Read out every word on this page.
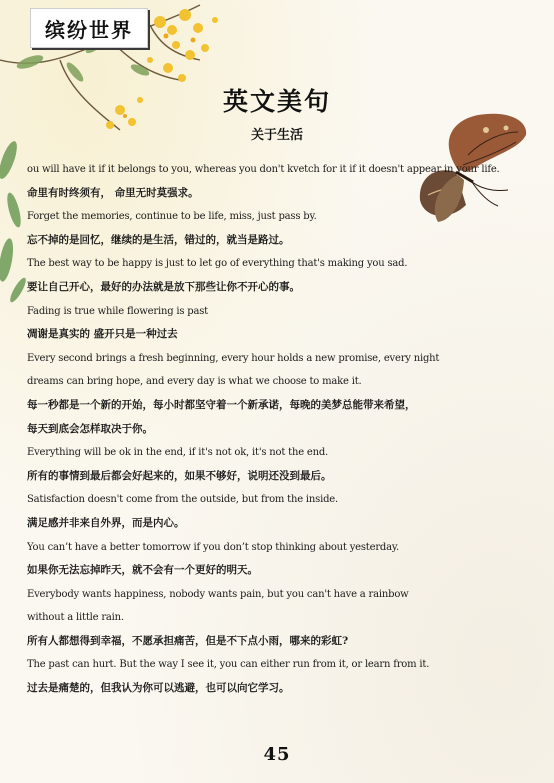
缤纷世界
英文美句
关于生活
ou will have it if it belongs to you, whereas you don't kvetch for it if it doesn't appear in your life.
命里有时终须有， 命里无时莫强求。
Forget the memories, continue to be life, miss, just pass by.
忘不掉的是回忆，继续的是生活，错过的，就当是路过。
The best way to be happy is just to let go of everything that's making you sad.
要让自己开心，最好的办法就是放下那些让你不开心的事。
Fading is true while flowering is past
凋谢是真实的 盛开只是一种过去
Every second brings a fresh beginning, every hour holds a new promise, every night
dreams can bring hope, and every day is what we choose to make it.
每一秒都是一个新的开始，每小时都坚守着一个新承诺，每晚的美梦总能带来希望，
每天到底会怎样取决于你。
Everything will be ok in the end, if it's not ok, it's not the end.
所有的事情到最后都会好起来的，如果不够好，说明还没到最后。
Satisfaction doesn't come from the outside, but from the inside.
满足感并非来自外界，而是内心。
You can’t have a better tomorrow if you don’t stop thinking about yesterday.
如果你无法忘掉昨天，就不会有一个更好的明天。
Everybody wants happiness, nobody wants pain, but you can't have a rainbow
without a little rain.
所有人都想得到幸福，不愿承担痛苦，但是不下点小雨，哪来的彩虹?
The past can hurt. But the way I see it, you can either run from it, or learn from it.
过去是痛楚的，但我认为你可以逃避，也可以向它学习。
45
